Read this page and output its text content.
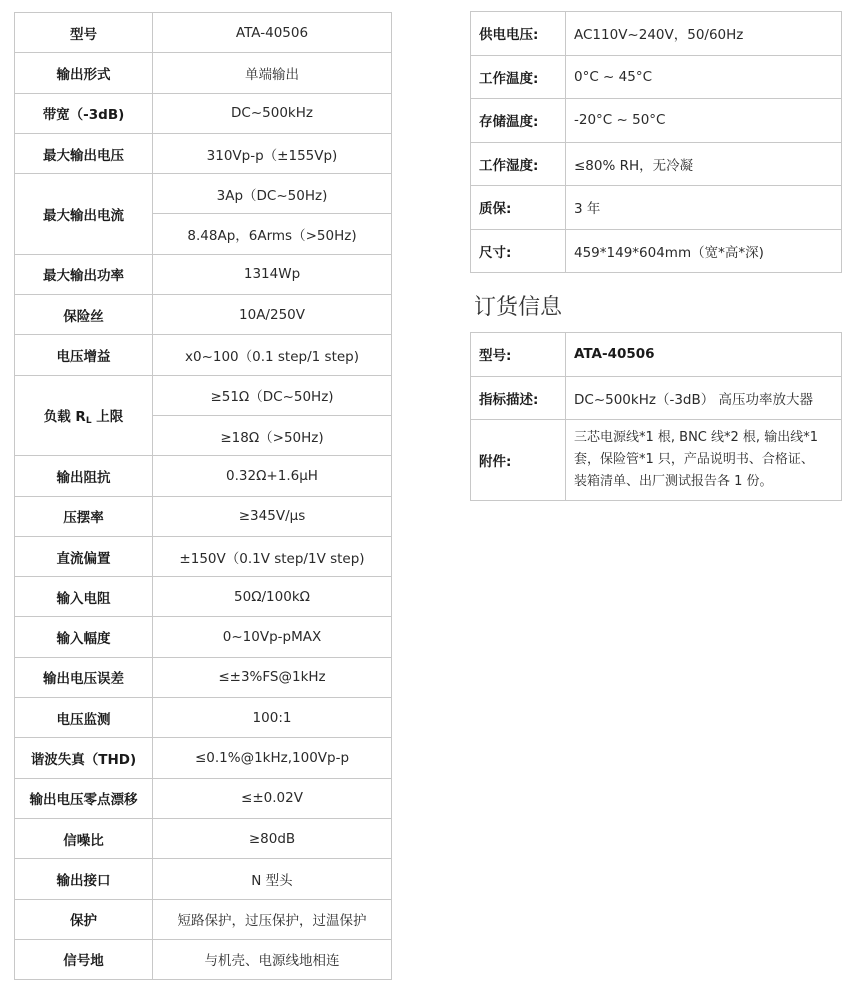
型号	ATA-40506
输出形式	单端输出
带宽（-3dB)	DC~500kHz
最大输出电压	310Vp-p（±155Vp)
最大输出电流	3Ap（DC~50Hz)
	8.48Ap，6Arms（>50Hz)
最大输出功率	1314Wp
保险丝	10A/250V
电压增益	x0~100（0.1 step/1 step)
负载 $R_L$ 上限	≥51Ω（DC~50Hz)
	≥18Ω（>50Hz)
输出阻抗	0.32Ω+1.6μH
压摆率	≥345V/μs
直流偏置	±150V（0.1V step/1V step)
输入电阻	50Ω/100kΩ
输入幅度	0~10Vp-pMAX
输出电压误差	≤±3%FS@1kHz
电压监测	100:1
谐波失真（THD)	≤0.1%@1kHz,100Vp-p
输出电压零点漂移	≤±0.02V
信噪比	≥80dB
输出接口	N 型头
保护	短路保护，过压保护，过温保护
信号地	与机壳、电源线地相连
供电电压:	AC110V~240V，50/60Hz
工作温度:	0°C ~ 45°C
存储温度:	-20°C ~ 50°C
工作湿度:	≤80% RH，无冷凝
质保:	3 年
尺寸:	459*149*604mm（宽*高*深)
订货信息
型号:	ATA-40506
指标描述:	DC~500kHz（-3dB） 高压功率放大器
附件:	三芯电源线*1 根, BNC 线*2 根, 输出线*1
套，保险管*1 只，产品说明书、合格证、
装箱清单、出厂测试报告各 1 份。
